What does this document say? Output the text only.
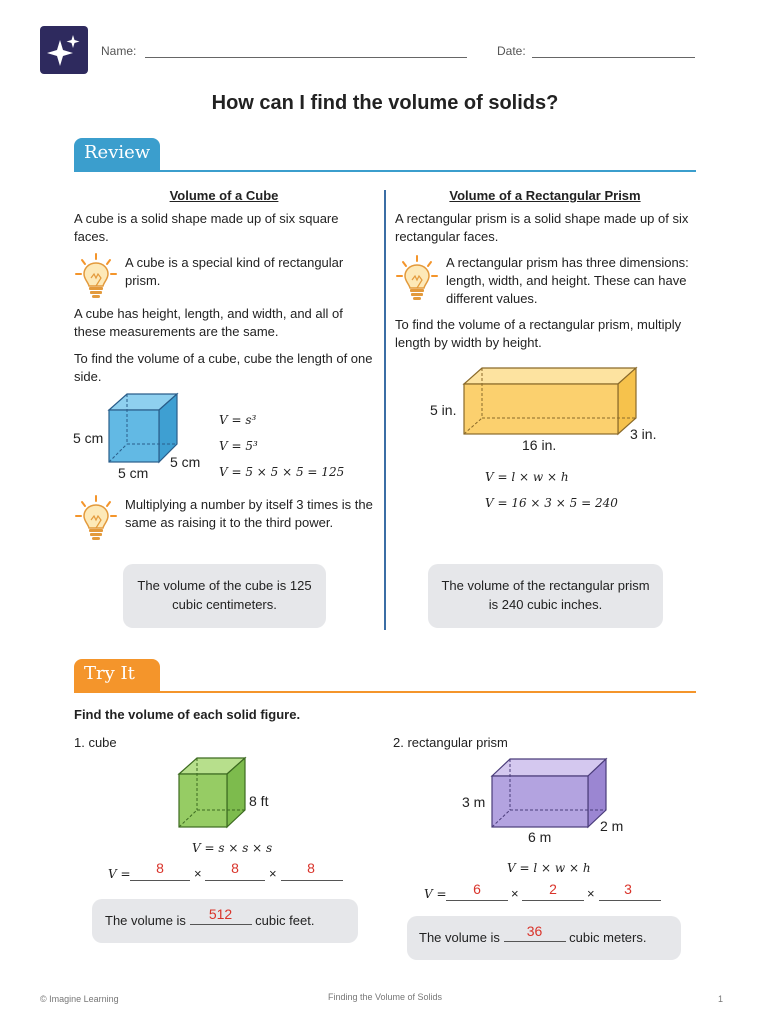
Name:	Date:
How can I find the volume of solids?
Review
Volume of a Cube
A cube is a solid shape made up of six square faces.
A cube is a special kind of rectangular prism.
A cube has height, length, and width, and all of these measurements are the same.
To find the volume of a cube, cube the length of one side.
5 cm
5 cm
5 cm
V = s³
V = 5³
V = 5 × 5 × 5 = 125
Multiplying a number by itself 3 times is the same as raising it to the third power.
The volume of the cube is 125 cubic centimeters.
Volume of a Rectangular Prism
A rectangular prism is a solid shape made up of six rectangular faces.
A rectangular prism has three dimensions: length, width, and height. These can have different values.
To find the volume of a rectangular prism, multiply length by width by height.
5 in.
16 in.
3 in.
V = l × w × h
V = 16 × 3 × 5 = 240
The volume of the rectangular prism is 240 cubic inches.
Try It
Find the volume of each solid figure.
1. cube
8 ft
V = s × s × s
V =	8	×	8	×	8
The volume is	512	cubic feet.
2. rectangular prism
3 m
6 m
2 m
V = l × w × h
V =	6	×	2	×	3
The volume is	36	cubic meters.
© Imagine Learning	Finding the Volume of Solids	1
